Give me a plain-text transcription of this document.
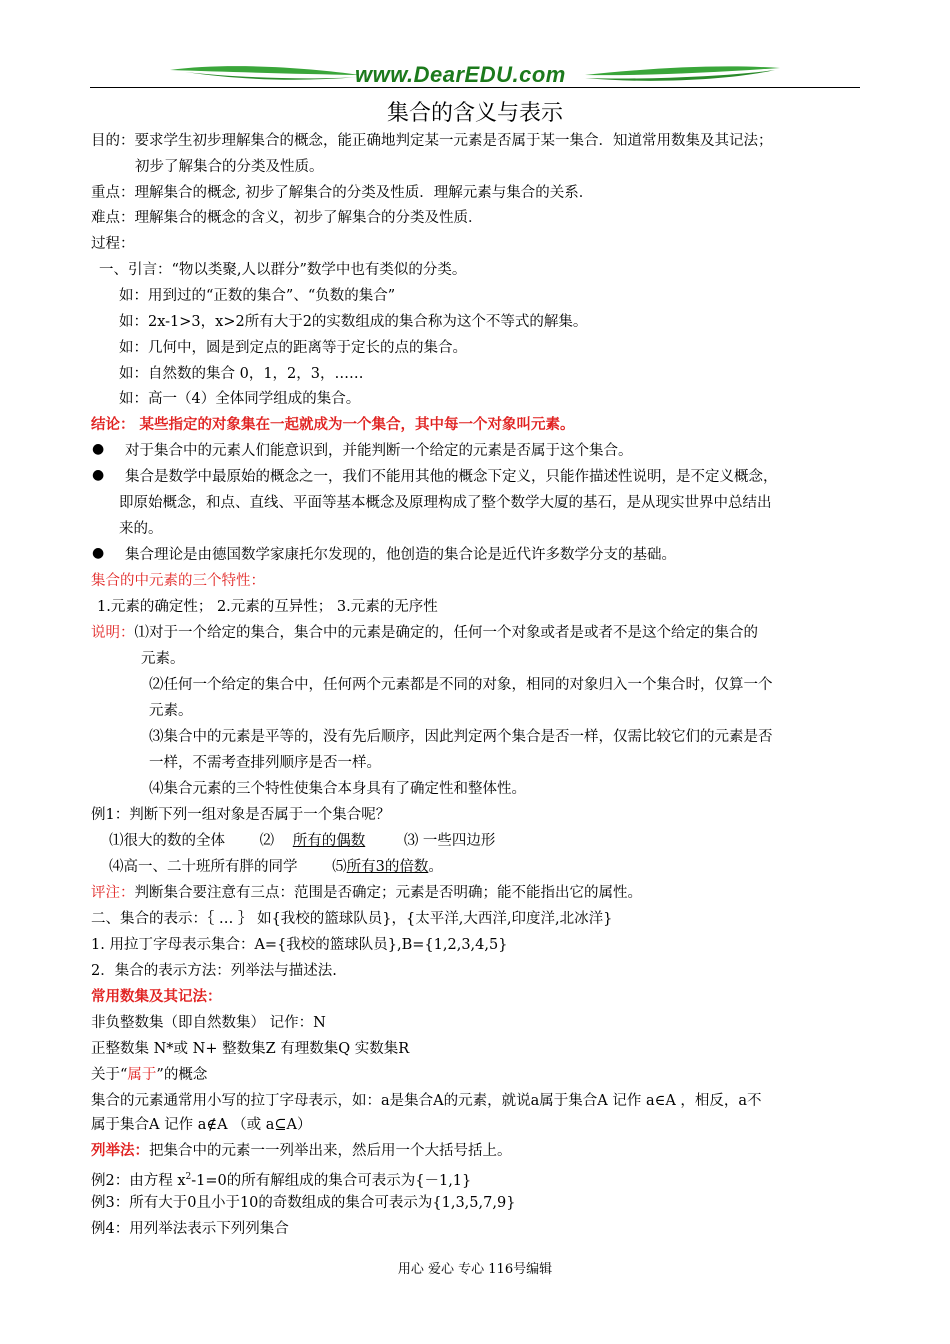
www.DearEDU.com
集合的含义与表示
目的：要求学生初步理解集合的概念，能正确地判定某一元素是否属于某一集合．知道常用数集及其记法；
初步了解集合的分类及性质。
重点：理解集合的概念, 初步了解集合的分类及性质．理解元素与集合的关系．
难点：理解集合的概念的含义，初步了解集合的分类及性质．
过程：
一、引言：“物以类聚,人以群分”数学中也有类似的分类。
如：用到过的“正数的集合”、“负数的集合”
如：2x-1>3，x>2所有大于2的实数组成的集合称为这个不等式的解集。
如：几何中，圆是到定点的距离等于定长的点的集合。
如：自然数的集合 0，1，2，3，……
如：高一（4）全体同学组成的集合。
结论： 某些指定的对象集在一起就成为一个集合，其中每一个对象叫元素。
● 对于集合中的元素人们能意识到，并能判断一个给定的元素是否属于这个集合。
● 集合是数学中最原始的概念之一，我们不能用其他的概念下定义，只能作描述性说明，是不定义概念，
即原始概念，和点、直线、平面等基本概念及原理构成了整个数学大厦的基石，是从现实世界中总结出
来的。
● 集合理论是由德国数学家康托尔发现的，他创造的集合论是近代许多数学分支的基础。
集合的中元素的三个特性：
1.元素的确定性； 2.元素的互异性； 3.元素的无序性
说明：⑴对于一个给定的集合，集合中的元素是确定的，任何一个对象或者是或者不是这个给定的集合的
元素。
⑵任何一个给定的集合中，任何两个元素都是不同的对象，相同的对象归入一个集合时，仅算一个
元素。
⑶集合中的元素是平等的，没有先后顺序，因此判定两个集合是否一样，仅需比较它们的元素是否
一样，不需考查排列顺序是否一样。
⑷集合元素的三个特性使集合本身具有了确定性和整体性。
例1：判断下列一组对象是否属于一个集合呢？
⑴很大的数的全体 ⑵ 所有的偶数	⑶ 一些四边形
⑷高一、二十班所有胖的同学 ⑸所有3的倍数。
评注：判断集合要注意有三点：范围是否确定；元素是否明确；能不能指出它的属性。
二、集合的表示：｛ … ｝ 如{我校的篮球队员}，{太平洋,大西洋,印度洋,北冰洋}
1. 用拉丁字母表示集合：A={我校的篮球队员},B={1,2,3,4,5}
2．集合的表示方法：列举法与描述法.
常用数集及其记法：
非负整数集（即自然数集） 记作：N
正整数集 N*或 N+ 整数集Z 有理数集Q 实数集R
关于“属于”的概念
集合的元素通常用小写的拉丁字母表示，如：a是集合A的元素，就说a属于集合A 记作 a∈A ，相反，a不
属于集合A 记作 a∉A （或 a⊆A）
列举法：把集合中的元素一一列举出来，然后用一个大括号括上。
例2：由方程 $x^2-1=0$的所有解组成的集合可表示为{－1,1}
例3：所有大于0且小于10的奇数组成的集合可表示为{1,3,5,7,9}
例4：用列举法表示下列列集合
用心 爱心 专心 116号编辑
